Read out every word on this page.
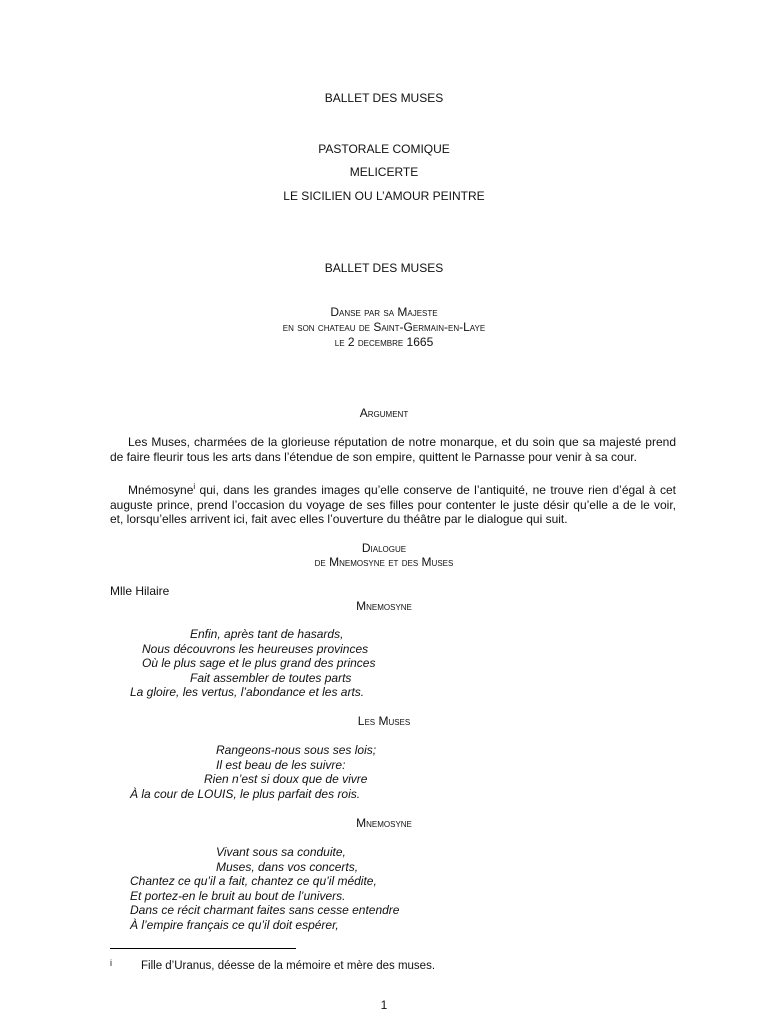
BALLET DES MUSES
PASTORALE COMIQUE
MELICERTE
LE SICILIEN OU L’AMOUR PEINTRE
BALLET DES MUSES
Danse par sa Majeste
en son chateau de Saint-Germain-en-Laye
le 2 decembre 1665
Argument
Les Muses, charmées de la glorieuse réputation de notre monarque, et du soin que sa majesté prend de faire fleurir tous les arts dans l’étendue de son empire, quittent le Parnasse pour venir à sa cour.
Mnémosyne$^i$ qui, dans les grandes images qu’elle conserve de l’antiquité, ne trouve rien d’égal à cet auguste prince, prend l’occasion du voyage de ses filles pour contenter le juste désir qu’elle a de le voir, et, lorsqu’elles arrivent ici, fait avec elles l’ouverture du théâtre par le dialogue qui suit.
Dialogue
de Mnemosyne et des Muses
Mlle Hilaire
Mnemosyne
Enfin, après tant de hasards,
Nous découvrons les heureuses provinces
Où le plus sage et le plus grand des princes
Fait assembler de toutes parts
La gloire, les vertus, l’abondance et les arts.
Les Muses
Rangeons-nous sous ses lois;
Il est beau de les suivre:
Rien n’est si doux que de vivre
À la cour de LOUIS, le plus parfait des rois.
Mnemosyne
Vivant sous sa conduite,
Muses, dans vos concerts,
Chantez ce qu’il a fait, chantez ce qu’il médite,
Et portez-en le bruit au bout de l’univers.
Dans ce récit charmant faites sans cesse entendre
À l’empire français ce qu’il doit espérer,
i	Fille d’Uranus, déesse de la mémoire et mère des muses.
1
